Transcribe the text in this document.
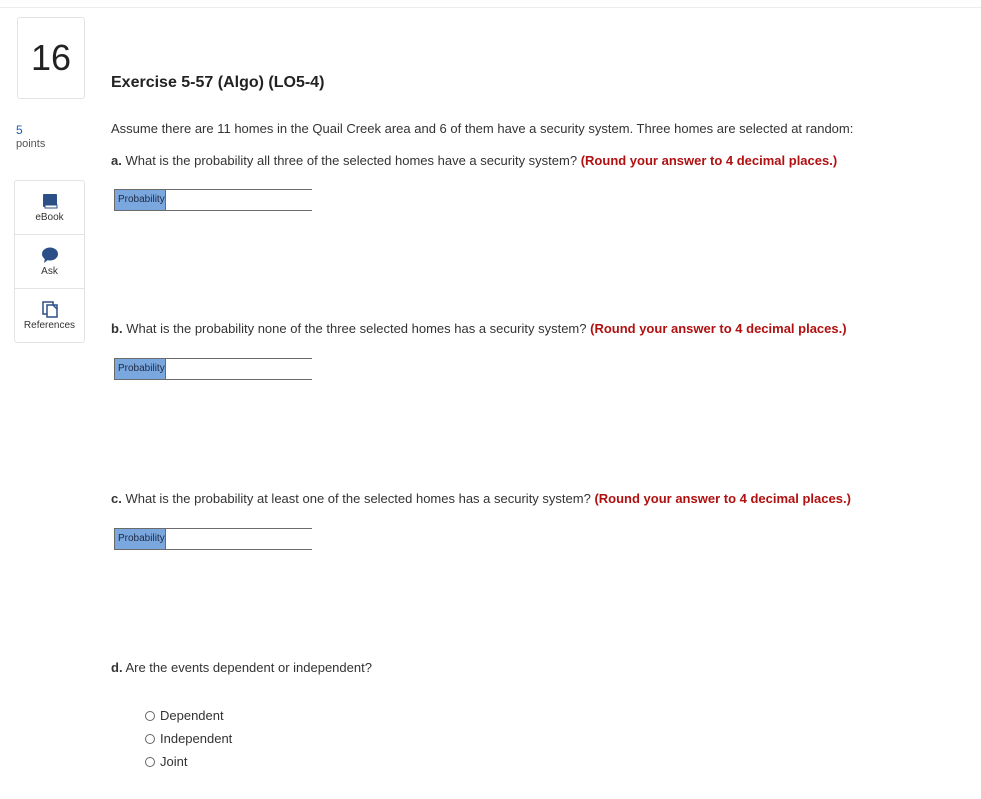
16
5
points
eBook
Ask
References
Exercise 5-57 (Algo) (LO5-4)
Assume there are 11 homes in the Quail Creek area and 6 of them have a security system. Three homes are selected at random:
a. What is the probability all three of the selected homes have a security system? (Round your answer to 4 decimal places.)
Probability
b. What is the probability none of the three selected homes has a security system? (Round your answer to 4 decimal places.)
Probability
c. What is the probability at least one of the selected homes has a security system? (Round your answer to 4 decimal places.)
Probability
d. Are the events dependent or independent?
Dependent
Independent
Joint
